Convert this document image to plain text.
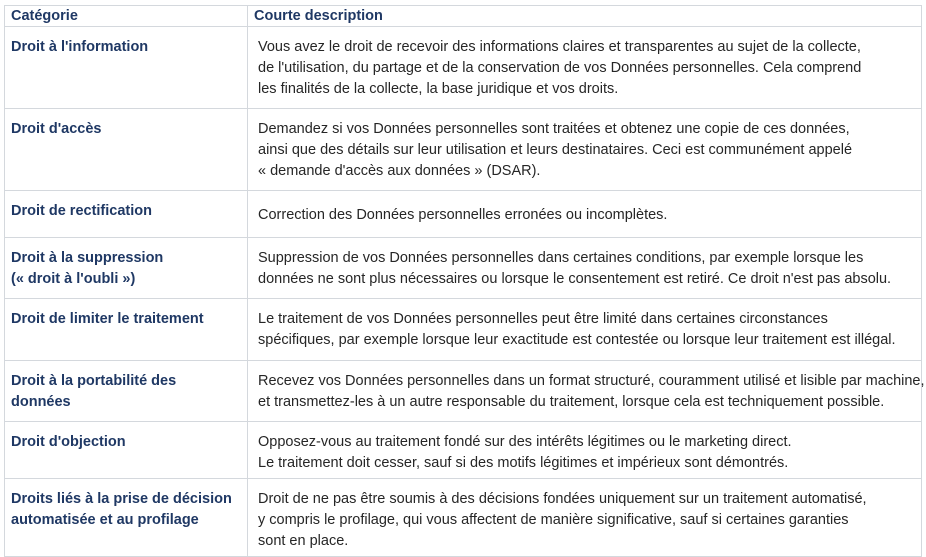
Catégorie	Courte description

Droit à l'information	Vous avez le droit de recevoir des informations claires et transparentes au sujet de la collecte,
de l'utilisation, du partage et de la conservation de vos Données personnelles. Cela comprend
les finalités de la collecte, la base juridique et vos droits.

Droit d'accès	Demandez si vos Données personnelles sont traitées et obtenez une copie de ces données,
ainsi que des détails sur leur utilisation et leurs destinataires. Ceci est communément appelé
« demande d'accès aux données » (DSAR).

Droit de rectification	Correction des Données personnelles erronées ou incomplètes.

Droit à la suppression
(« droit à l'oubli »)	Suppression de vos Données personnelles dans certaines conditions, par exemple lorsque les
données ne sont plus nécessaires ou lorsque le consentement est retiré. Ce droit n'est pas absolu.

Droit de limiter le traitement	Le traitement de vos Données personnelles peut être limité dans certaines circonstances
spécifiques, par exemple lorsque leur exactitude est contestée ou lorsque leur traitement est illégal.

Droit à la portabilité des
données	Recevez vos Données personnelles dans un format structuré, couramment utilisé et lisible par machine,
et transmettez-les à un autre responsable du traitement, lorsque cela est techniquement possible.

Droit d'objection	Opposez-vous au traitement fondé sur des intérêts légitimes ou le marketing direct.
Le traitement doit cesser, sauf si des motifs légitimes et impérieux sont démontrés.

Droits liés à la prise de décision
automatisée et au profilage	Droit de ne pas être soumis à des décisions fondées uniquement sur un traitement automatisé,
y compris le profilage, qui vous affectent de manière significative, sauf si certaines garanties
sont en place.
